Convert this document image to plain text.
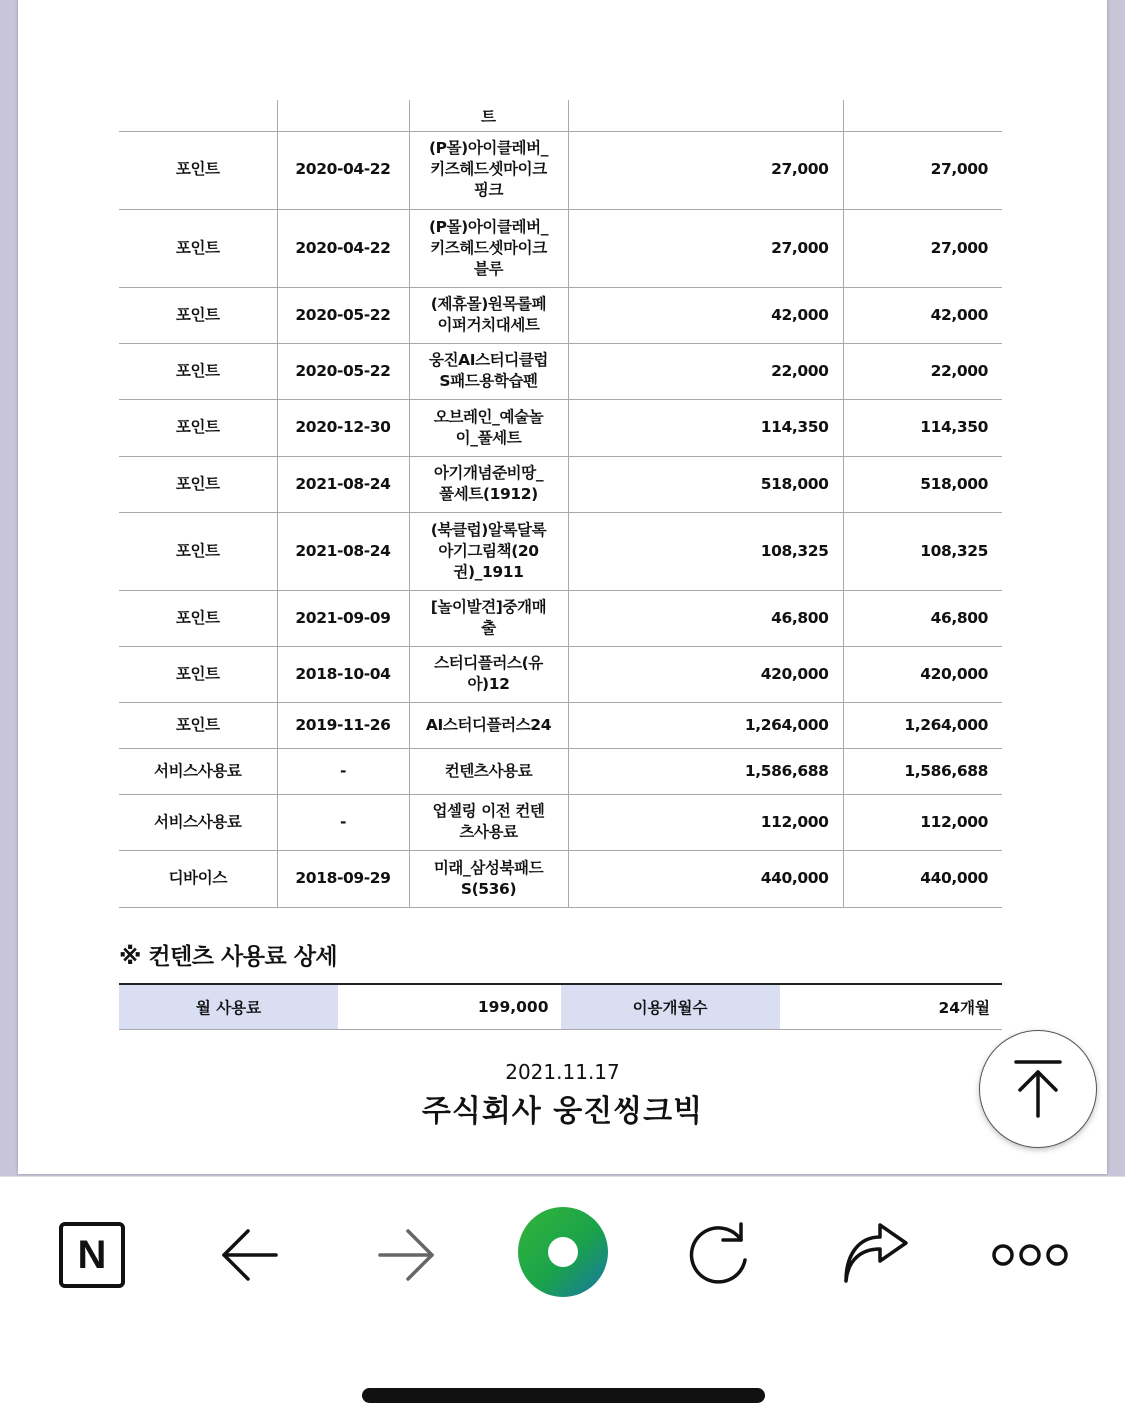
트
포인트	2020-04-22	(P몰)아이클레버_
키즈헤드셋마이크
핑크	27,000	27,000
포인트	2020-04-22	(P몰)아이클레버_
키즈헤드셋마이크
블루	27,000	27,000
포인트	2020-05-22	(제휴몰)원목롤페
이퍼거치대세트	42,000	42,000
포인트	2020-05-22	웅진AI스터디클럽
S패드용학습펜	22,000	22,000
포인트	2020-12-30	오브레인_예술놀
이_풀세트	114,350	114,350
포인트	2021-08-24	아기개념준비땅_
풀세트(1912)	518,000	518,000
포인트	2021-08-24	(북클럽)알록달록
아기그림책(20
권)_1911	108,325	108,325
포인트	2021-09-09	[놀이발견]중개매
출	46,800	46,800
포인트	2018-10-04	스터디플러스(유
아)12	420,000	420,000
포인트	2019-11-26	AI스터디플러스24	1,264,000	1,264,000
서비스사용료	-	컨텐츠사용료	1,586,688	1,586,688
서비스사용료	-	업셀링 이전 컨텐
츠사용료	112,000	112,000
디바이스	2018-09-29	미래_삼성북패드
S(536)	440,000	440,000
※ 컨텐츠 사용료 상세
월 사용료	199,000	이용개월수	24개월
2021.11.17
주식회사 웅진씽크빅
N
